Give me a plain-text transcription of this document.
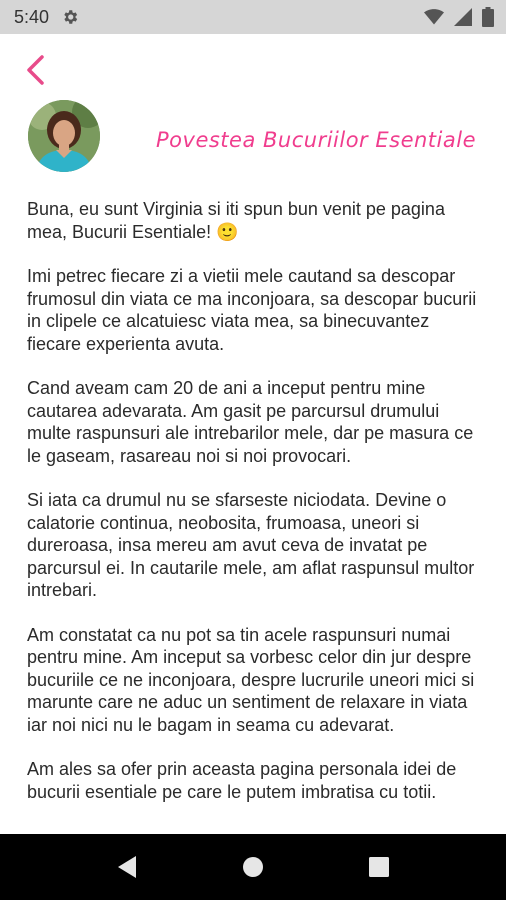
5:40
Povestea Bucuriilor Esentiale

Buna, eu sunt Virginia si iti spun bun venit pe pagina mea, Bucurii Esentiale! 🙂

Imi petrec fiecare zi a vietii mele cautand sa descopar frumosul din viata ce ma inconjoara, sa descopar bucurii in clipele ce alcatuiesc viata mea, sa binecuvantez fiecare experienta avuta.

Cand aveam cam 20 de ani a inceput pentru mine cautarea adevarata. Am gasit pe parcursul drumului multe raspunsuri ale intrebarilor mele, dar pe masura ce le gaseam, rasareau noi si noi provocari.

Si iata ca drumul nu se sfarseste niciodata. Devine o calatorie continua, neobosita, frumoasa, uneori si dureroasa, insa mereu am avut ceva de invatat pe parcursul ei. In cautarile mele, am aflat raspunsul multor intrebari.

Am constatat ca nu pot sa tin acele raspunsuri numai pentru mine. Am inceput sa vorbesc celor din jur despre bucuriile ce ne inconjoara, despre lucrurile uneori mici si marunte care ne aduc un sentiment de relaxare in viata iar noi nici nu le bagam in seama cu adevarat.

Am ales sa ofer prin aceasta pagina personala idei de bucurii esentiale pe care le putem imbratisa cu totii.
